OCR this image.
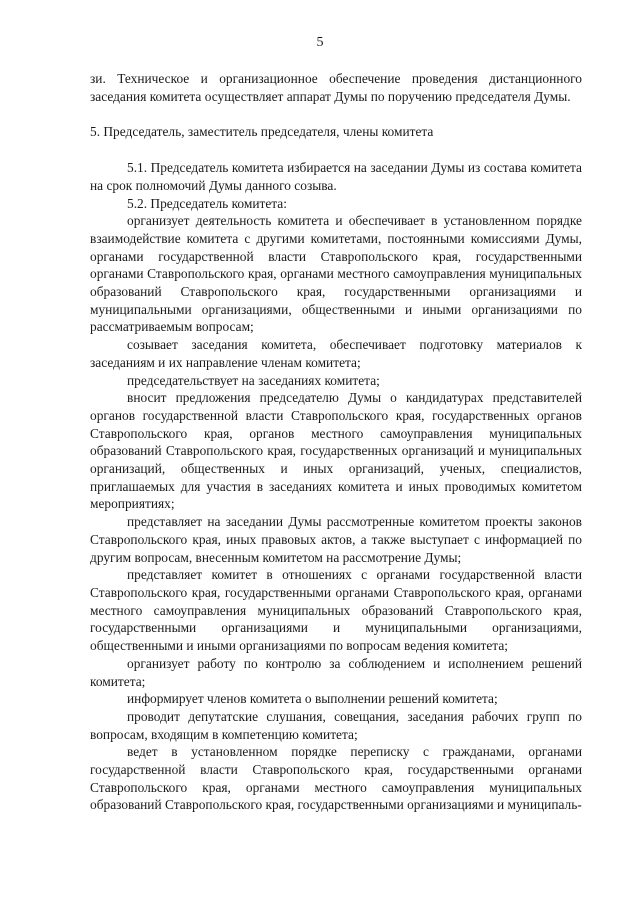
5

зи. Техническое и организационное обеспечение проведения дистанционного заседания комитета осуществляет аппарат Думы по поручению председателя Думы.

5. Председатель, заместитель председателя, члены комитета

5.1. Председатель комитета избирается на заседании Думы из состава комитета на срок полномочий Думы данного созыва.

5.2. Председатель комитета:

организует деятельность комитета и обеспечивает в установленном порядке взаимодействие комитета с другими комитетами, постоянными комиссиями Думы, органами государственной власти Ставропольского края, государственными органами Ставропольского края, органами местного самоуправления муниципальных образований Ставропольского края, государственными организациями и муниципальными организациями, общественными и иными организациями по рассматриваемым вопросам;

созывает заседания комитета, обеспечивает подготовку материалов к заседаниям и их направление членам комитета;

председательствует на заседаниях комитета;

вносит предложения председателю Думы о кандидатурах представителей органов государственной власти Ставропольского края, государственных органов Ставропольского края, органов местного самоуправления муниципальных образований Ставропольского края, государственных организаций и муниципальных организаций, общественных и иных организаций, ученых, специалистов, приглашаемых для участия в заседаниях комитета и иных проводимых комитетом мероприятиях;

представляет на заседании Думы рассмотренные комитетом проекты законов Ставропольского края, иных правовых актов, а также выступает с информацией по другим вопросам, внесенным комитетом на рассмотрение Думы;

представляет комитет в отношениях с органами государственной власти Ставропольского края, государственными органами Ставропольского края, органами местного самоуправления муниципальных образований Ставропольского края, государственными организациями и муниципальными организациями, общественными и иными организациями по вопросам ведения комитета;

организует работу по контролю за соблюдением и исполнением решений комитета;

информирует членов комитета о выполнении решений комитета;

проводит депутатские слушания, совещания, заседания рабочих групп по вопросам, входящим в компетенцию комитета;

ведет в установленном порядке переписку с гражданами, органами государственной власти Ставропольского края, государственными органами Ставропольского края, органами местного самоуправления муниципальных образований Ставропольского края, государственными организациями и муниципаль-
